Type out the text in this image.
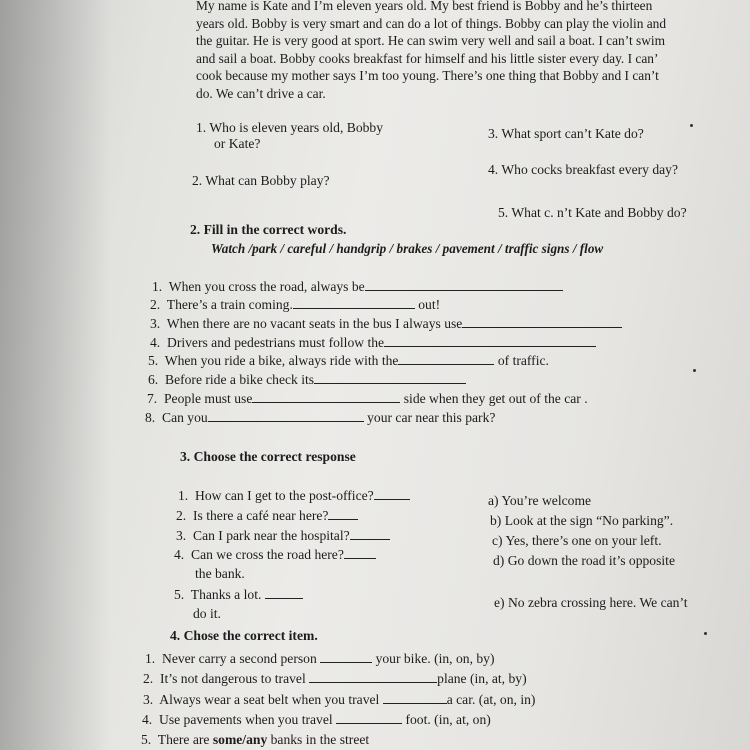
My name is Kate and I’m eleven years old. My best friend is Bobby and he’s thirteen
years old. Bobby is very smart and can do a lot of things. Bobby can play the violin and
the guitar. He is very good at sport. He can swim very well and sail a boat. I can’t swim
and sail a boat. Bobby cooks breakfast for himself and his little sister every day. I can’
cook because my mother says I’m too young. There’s one thing that Bobby and I can’t
do. We can’t drive a car.
1. Who is eleven years old, Bobby
or Kate?
2. What can Bobby play?
3. What sport can’t Kate do?
4. Who cocks breakfast every day?
5. What c. n’t Kate and Bobby do?
2. Fill in the correct words.
Watch /park / careful / handgrip / brakes / pavement / traffic signs / flow
1. When you cross the road, always be
2. There’s a train coming.	out!
3. When there are no vacant seats in the bus I always use
4. Drivers and pedestrians must follow the
5. When you ride a bike, always ride with the	of traffic.
6. Before ride a bike check its
7. People must use	side when they get out of the car .
8. Can you	your car near this park?
3. Choose the correct response
1. How can I get to the post-office?
2. Is there a café near here?
3. Can I park near the hospital?
4. Can we cross the road here?
the bank.
5. Thanks a lot.
do it.
a) You’re welcome
b) Look at the sign “No parking”.
c) Yes, there’s one on your left.
d) Go down the road it’s opposite
e) No zebra crossing here. We can’t
4. Chose the correct item.
1. Never carry a second person	your bike. (in, on, by)
2. It’s not dangerous to travel	plane (in, at, by)
3. Always wear a seat belt when you travel	a car. (at, on, in)
4. Use pavements when you travel	foot. (in, at, on)
5. There are some/any banks in the street
